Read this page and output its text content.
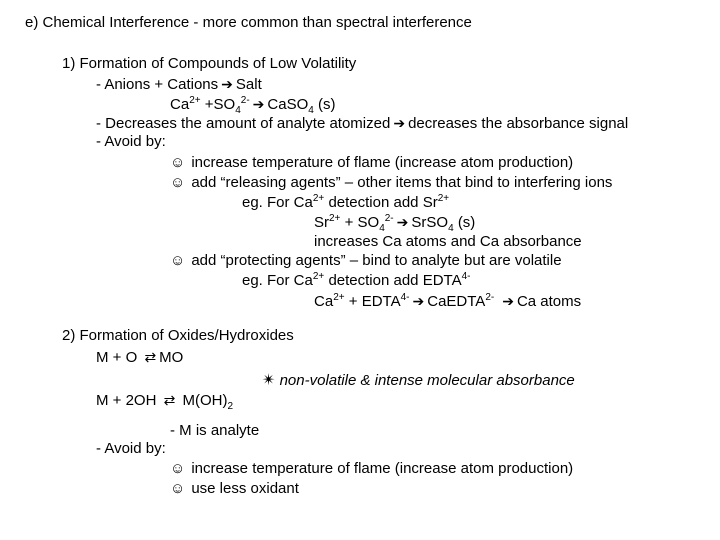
e) Chemical Interference - more common than spectral interference
1) Formation of Compounds of Low Volatility
- Anions + Cations ➔ Salt
$Ca^{2+} +SO_4^{2-}$ ➔ CaSO$_4$ (s)
- Decreases the amount of analyte atomized ➔ decreases the absorbance signal
- Avoid by:
☺ increase temperature of flame (increase atom production)
☺ add “releasing agents” – other items that bind to interfering ions
eg. For $Ca^{2+}$ detection add $Sr^{2+}$
$Sr^{2+} + SO_4^{2-}$ ➔ SrSO$_4$ (s)
increases Ca atoms and Ca absorbance
☺ add “protecting agents” – bind to analyte but are volatile
eg. For $Ca^{2+}$ detection add $EDTA^{4-}$
$Ca^{2+}$ + $EDTA^{4-}$ ➔ CaEDTA$^{2-}$ ➔ Ca atoms
2) Formation of Oxides/Hydroxides
M + O ⇄ MO
M + 2OH ⇄ $M(OH)_2$
✴ non-volatile & intense molecular absorbance
- M is analyte
- Avoid by:
☺ increase temperature of flame (increase atom production)
☺ use less oxidant
